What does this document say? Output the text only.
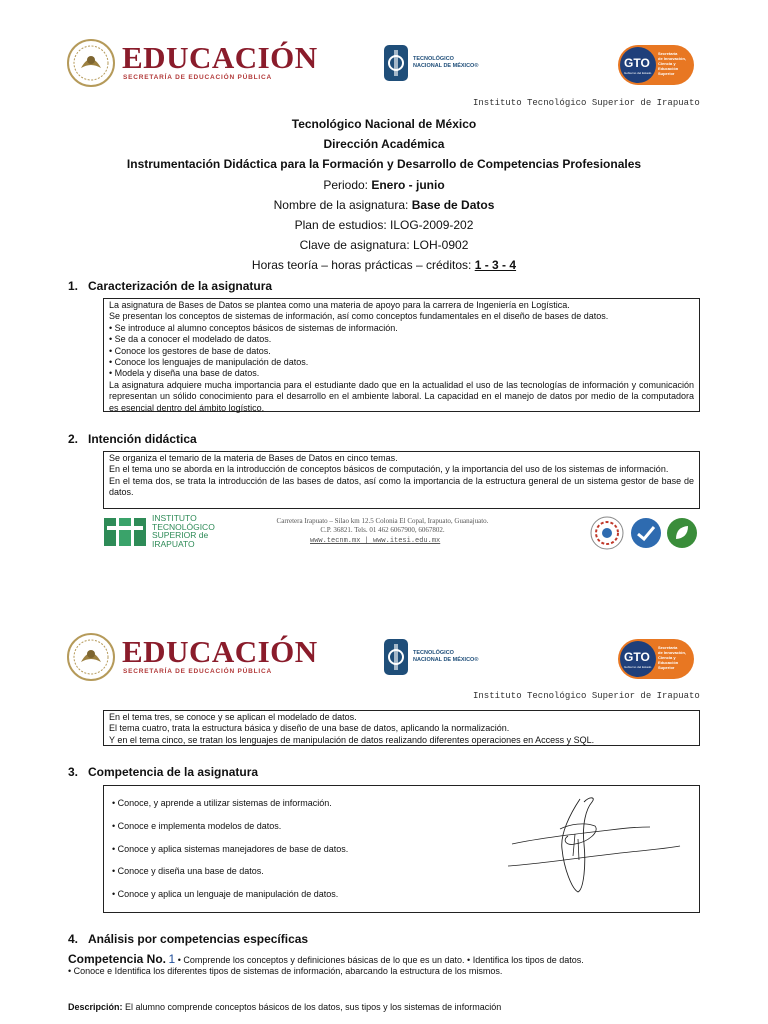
EDUCACIÓN
SECRETARÍA DE EDUCACIÓN PÚBLICA
TECNOLÓGICO
NACIONAL DE MÉXICO®	GTO
Gobierno del Estado
Secretaría
de Innovación,
Ciencia y
Educación
Superior
Instituto Tecnológico Superior de Irapuato
Tecnológico Nacional de México
Dirección Académica
Instrumentación Didáctica para la Formación y Desarrollo de Competencias Profesionales
Periodo: Enero - junio
Nombre de la asignatura: Base de Datos
Plan de estudios: ILOG-2009-202
Clave de asignatura: LOH-0902
Horas teoría – horas prácticas – créditos: 1 - 3 - 4
1.   Caracterización de la asignatura

La asignatura de Bases de Datos se plantea como una materia de apoyo para la carrera de Ingeniería en Logística.

Se presentan los conceptos de sistemas de información, así como conceptos fundamentales en el diseño de bases de datos.

• Se introduce al alumno conceptos básicos de sistemas de información.

• Se da a conocer el modelado de datos.

• Conoce los gestores de base de datos.

• Conoce los lenguajes de manipulación de datos.

• Modela y diseña una base de datos.

La asignatura adquiere mucha importancia para el estudiante dado que en la actualidad el uso de las tecnologías de información y comunicación representan un sólido conocimiento para el desarrollo en el ambiente laboral. La capacidad en el manejo de datos por medio de la computadora es esencial dentro del ámbito logístico.

2.   Intención didáctica

Se organiza el temario de la materia de Bases de Datos en cinco temas.

En el tema uno se aborda en la introducción de conceptos básicos de computación, y la importancia del uso de los sistemas de información.

En el tema dos, se trata la introducción de las bases de datos, así como la importancia de la estructura general de un sistema gestor de base de datos.

INSTITUTO
TECNOLÓGICO
SUPERIOR de
IRAPUATO
Carretera Irapuato – Silao km 12.5 Colonia El Copal, Irapuato, Guanajuato.
C.P. 36821. Tels. 01 462 6067900, 6067802.
www.tecnm.mx | www.itesi.edu.mx
EDUCACIÓN
SECRETARÍA DE EDUCACIÓN PÚBLICA
TECNOLÓGICO
NACIONAL DE MÉXICO®	GTO
Gobierno del Estado
Secretaría
de Innovación,
Ciencia y
Educación
Superior
Instituto Tecnológico Superior de Irapuato

En el tema tres, se conoce y se aplican el modelado de datos.

El tema cuatro, trata la estructura básica y diseño de una base de datos, aplicando la normalización.

Y en el tema cinco, se tratan los lenguajes de manipulación de datos realizando diferentes operaciones en Access y SQL.

3.   Competencia de la asignatura
• Conoce, y aprende a utilizar sistemas de información.
• Conoce e implementa modelos de datos.
• Conoce y aplica sistemas manejadores de base de datos.
• Conoce y diseña una base de datos.
• Conoce y aplica un lenguaje de manipulación de datos.
4.   Análisis por competencias específicas
Competencia No. 1 • Comprende los conceptos y definiciones básicas de lo que es un dato. • Identifica los tipos de datos.
• Conoce e Identifica los diferentes tipos de sistemas de información, abarcando la estructura de los mismos.
Descripción: El alumno comprende conceptos básicos de los datos, sus tipos y los sistemas de información
